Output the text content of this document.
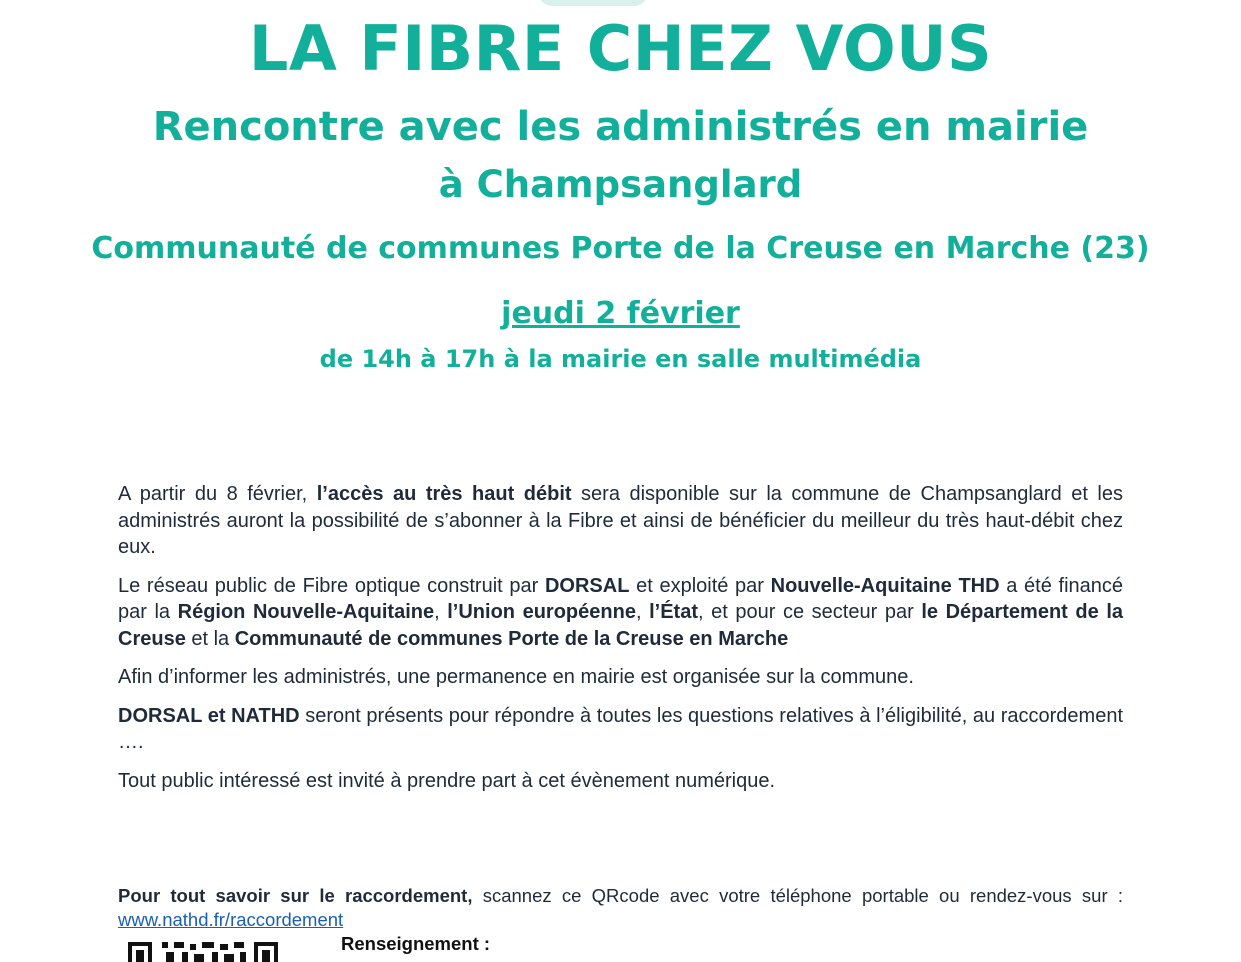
LA FIBRE CHEZ VOUS
Rencontre avec les administrés en mairie
à Champsanglard
Communauté de communes Porte de la Creuse en Marche (23)
jeudi 2 février
de 14h à 17h à la mairie en salle multimédia

A partir du 8 février, l’accès au très haut débit sera disponible sur la commune de Champsanglard et les administrés auront la possibilité de s’abonner à la Fibre et ainsi de bénéficier du meilleur du très haut-débit chez eux.

Le réseau public de Fibre optique construit par DORSAL et exploité par Nouvelle-Aquitaine THD a été financé par la Région Nouvelle-Aquitaine, l’Union européenne, l’État, et pour ce secteur par le Département de la Creuse et la Communauté de communes Porte de la Creuse en Marche

Afin d’informer les administrés, une permanence en mairie est organisée sur la commune.

DORSAL et NATHD seront présents pour répondre à toutes les questions relatives à l’éligibilité, au raccordement ….

Tout public intéressé est invité à prendre part à cet évènement numérique.

Pour tout savoir sur le raccordement, scannez ce QRcode avec votre téléphone portable ou rendez-vous sur : www.nathd.fr/raccordement
Renseignement :
